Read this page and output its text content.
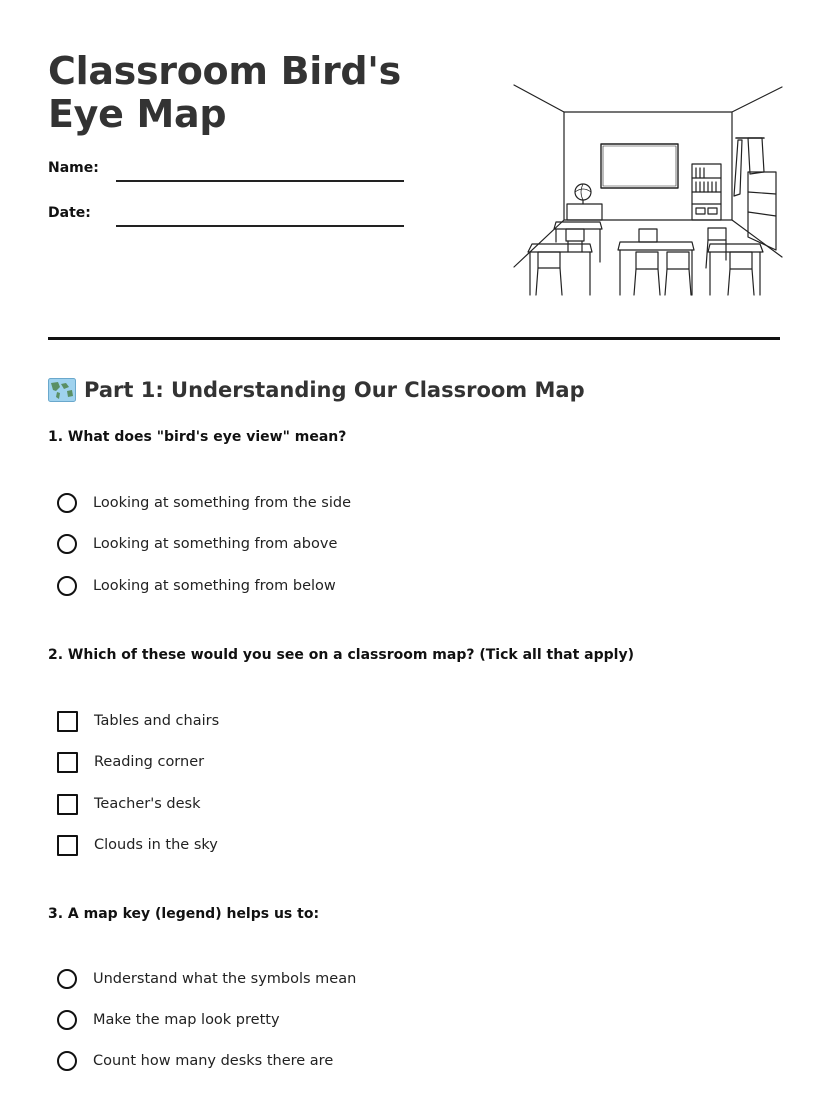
Classroom Bird's Eye Map
Name:
Date:
Part 1: Understanding Our Classroom Map
1. What does "bird's eye view" mean?
Looking at something from the side
Looking at something from above
Looking at something from below
2. Which of these would you see on a classroom map? (Tick all that apply)
Tables and chairs
Reading corner
Teacher's desk
Clouds in the sky
3. A map key (legend) helps us to:
Understand what the symbols mean
Make the map look pretty
Count how many desks there are
